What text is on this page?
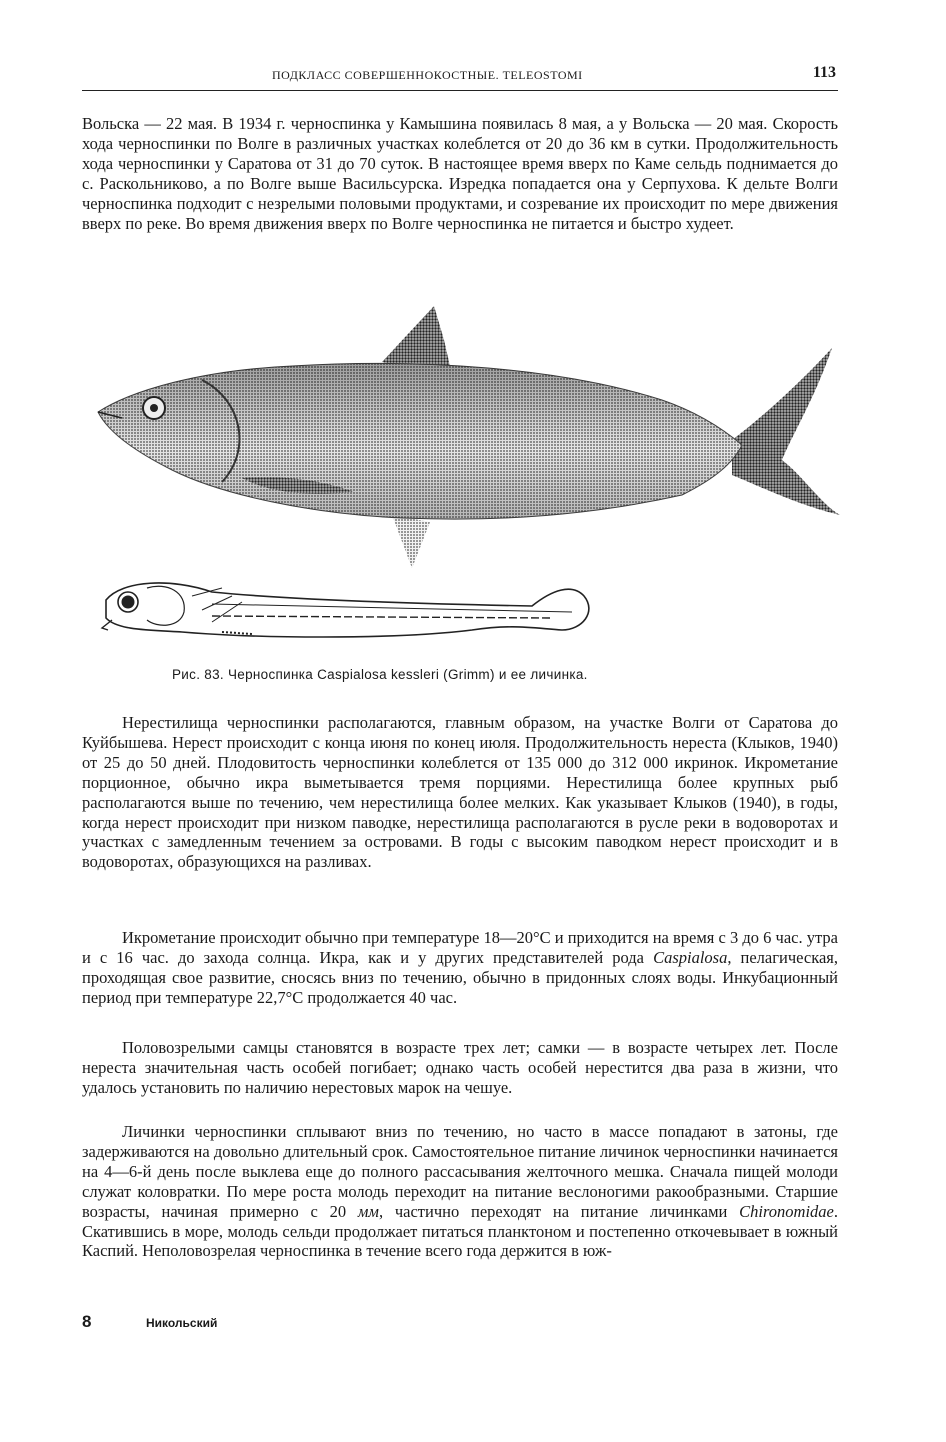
ПОДКЛАСС СОВЕРШЕННОКОСТНЫЕ. TELEOSTOMI	113

Вольска — 22 мая. В 1934 г. черноспинка у Камышина появилась 8 мая, а у Вольска — 20 мая. Скорость хода черноспинки по Волге в различных участках колеблется от 20 до 36 км в сутки. Продолжительность хода черноспинки у Саратова от 31 до 70 суток. В настоящее время вверх по Каме сельдь поднимается до с. Раскольниково, а по Волге выше Васильсурска. Изредка попадается она у Серпухова. К дельте Волги черноспинка подходит с незрелыми половыми продуктами, и созревание их происходит по мере движения вверх по реке. Во время движения вверх по Волге черноспинка не питается и быстро худеет.

Рис. 83. Черноспинка Caspialosa kessleri (Grimm) и ее личинка.

Нерестилища черноспинки располагаются, главным образом, на участке Волги от Саратова до Куйбышева. Нерест происходит с конца июня по конец июля. Продолжительность нереста (Клыков, 1940) от 25 до 50 дней. Плодовитость черноспинки колеблется от 135 000 до 312 000 икринок. Икрометание порционное, обычно икра выметывается тремя порциями. Нерестилища более крупных рыб располагаются выше по течению, чем нерестилища более мелких. Как указывает Клыков (1940), в годы, когда нерест происходит при низком паводке, нерестилища располагаются в русле реки в водоворотах и участках с замедленным течением за островами. В годы с высоким паводком нерест происходит и в водоворотах, образующихся на разливах.

Икрометание происходит обычно при температуре 18—20°C и приходится на время с 3 до 6 час. утра и с 16 час. до захода солнца. Икра, как и у других представителей рода Caspialosa, пелагическая, проходящая свое развитие, сносясь вниз по течению, обычно в придонных слоях воды. Инкубационный период при температуре 22,7°C продолжается 40 час.

Половозрелыми самцы становятся в возрасте трех лет; самки — в возрасте четырех лет. После нереста значительная часть особей погибает; однако часть особей нерестится два раза в жизни, что удалось установить по наличию нерестовых марок на чешуе.

Личинки черноспинки сплывают вниз по течению, но часто в массе попадают в затоны, где задерживаются на довольно длительный срок. Самостоятельное питание личинок черноспинки начинается на 4—6-й день после выклева еще до полного рассасывания желточного мешка. Сначала пищей молоди служат коловратки. По мере роста молодь переходит на питание веслоногими ракообразными. Старшие возрасты, начиная примерно с 20 мм, частично переходят на питание личинками Chironomidae. Скатившись в море, молодь сельди продолжает питаться планктоном и постепенно откочевывает в южный Каспий. Неполовозрелая черноспинка в течение всего года держится в юж-

8	Никольский
